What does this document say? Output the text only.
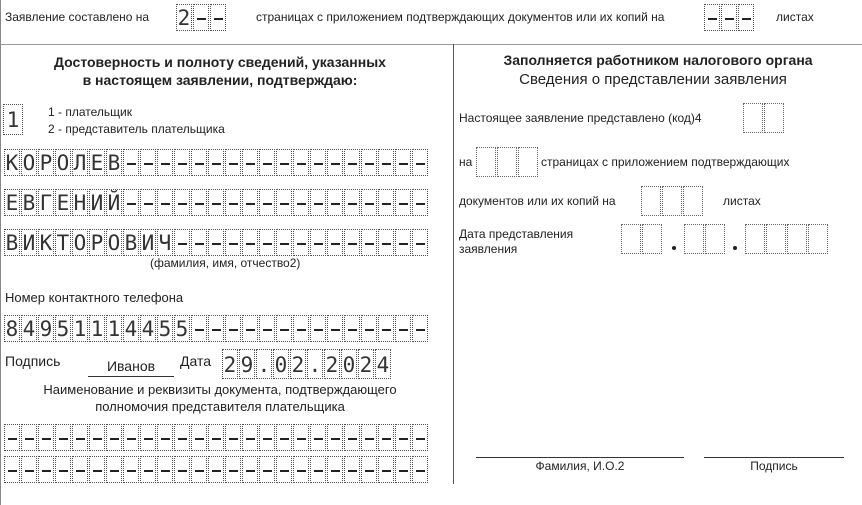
Заявление составлено на 2	страницах с приложением подтверждающих документов или их копий на	листах
Достоверность и полноту сведений, указанных
в настоящем заявлении, подтверждаю:
1	1 - плательщик
2 - представитель плательщика
К О Р О Л Е В
Е В Г Е Н И Й
В И К Т О Р О В И Ч
(фамилия, имя, отчество2)
Номер контактного телефона
8 4 9 5 1 1 1 4 4 5 5
Подпись	Иванов	Дата 2 9 . 0 2 . 2 0 2 4
Наименование и реквизиты документа, подтверждающего
полномочия представителя плательщика
Заполняется работником налогового органа
Сведения о представлении заявления
Настоящее заявление представлено (код)4
на	страницах с приложением подтверждающих
документов или их копий на	листах
Дата представления
заявления
Фамилия, И.О.2	Подпись
